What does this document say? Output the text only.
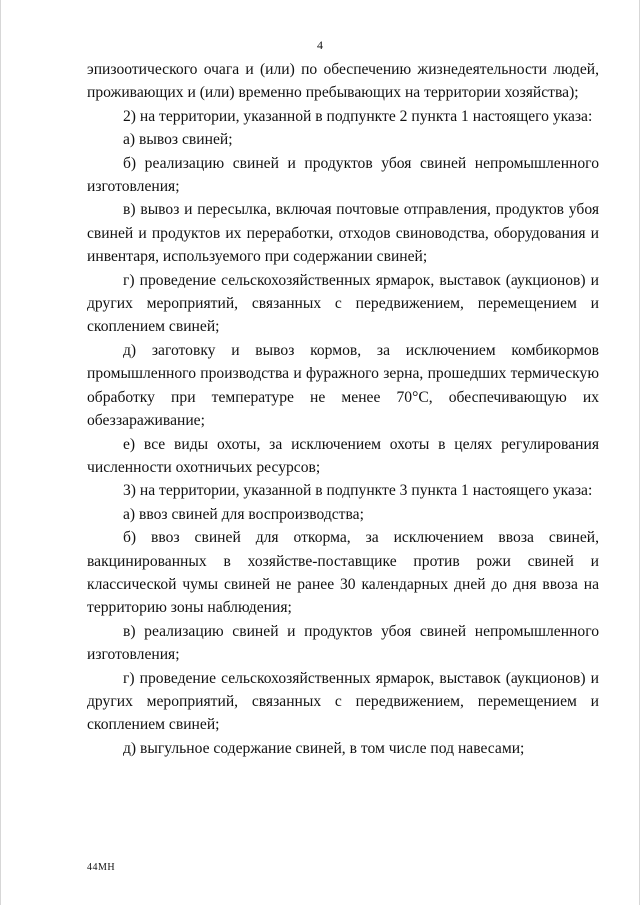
4

эпизоотического очага и (или) по обеспечению жизнедеятельности людей, проживающих и (или) временно пребывающих на территории хозяйства);

2) на территории, указанной в подпункте 2 пункта 1 настоящего указа:

а) вывоз свиней;

б) реализацию свиней и продуктов убоя свиней непромышленного изготовления;

в) вывоз и пересылка, включая почтовые отправления, продуктов убоя свиней и продуктов их переработки, отходов свиноводства, оборудования и инвентаря, используемого при содержании свиней;

г) проведение сельскохозяйственных ярмарок, выставок (аукционов) и других мероприятий, связанных с передвижением, перемещением и скоплением свиней;

д) заготовку и вывоз кормов, за исключением комбикормов промышленного производства и фуражного зерна, прошедших термическую обработку при температуре не менее 70°С, обеспечивающую их обеззараживание;

е) все виды охоты, за исключением охоты в целях регулирования численности охотничьих ресурсов;

3) на территории, указанной в подпункте 3 пункта 1 настоящего указа:

а) ввоз свиней для воспроизводства;

б) ввоз свиней для откорма, за исключением ввоза свиней, вакцинированных в хозяйстве-поставщике против рожи свиней и классической чумы свиней не ранее 30 календарных дней до дня ввоза на территорию зоны наблюдения;

в) реализацию свиней и продуктов убоя свиней непромышленного изготовления;

г) проведение сельскохозяйственных ярмарок, выставок (аукционов) и других мероприятий, связанных с передвижением, перемещением и скоплением свиней;

д) выгульное содержание свиней, в том числе под навесами;

44МН
